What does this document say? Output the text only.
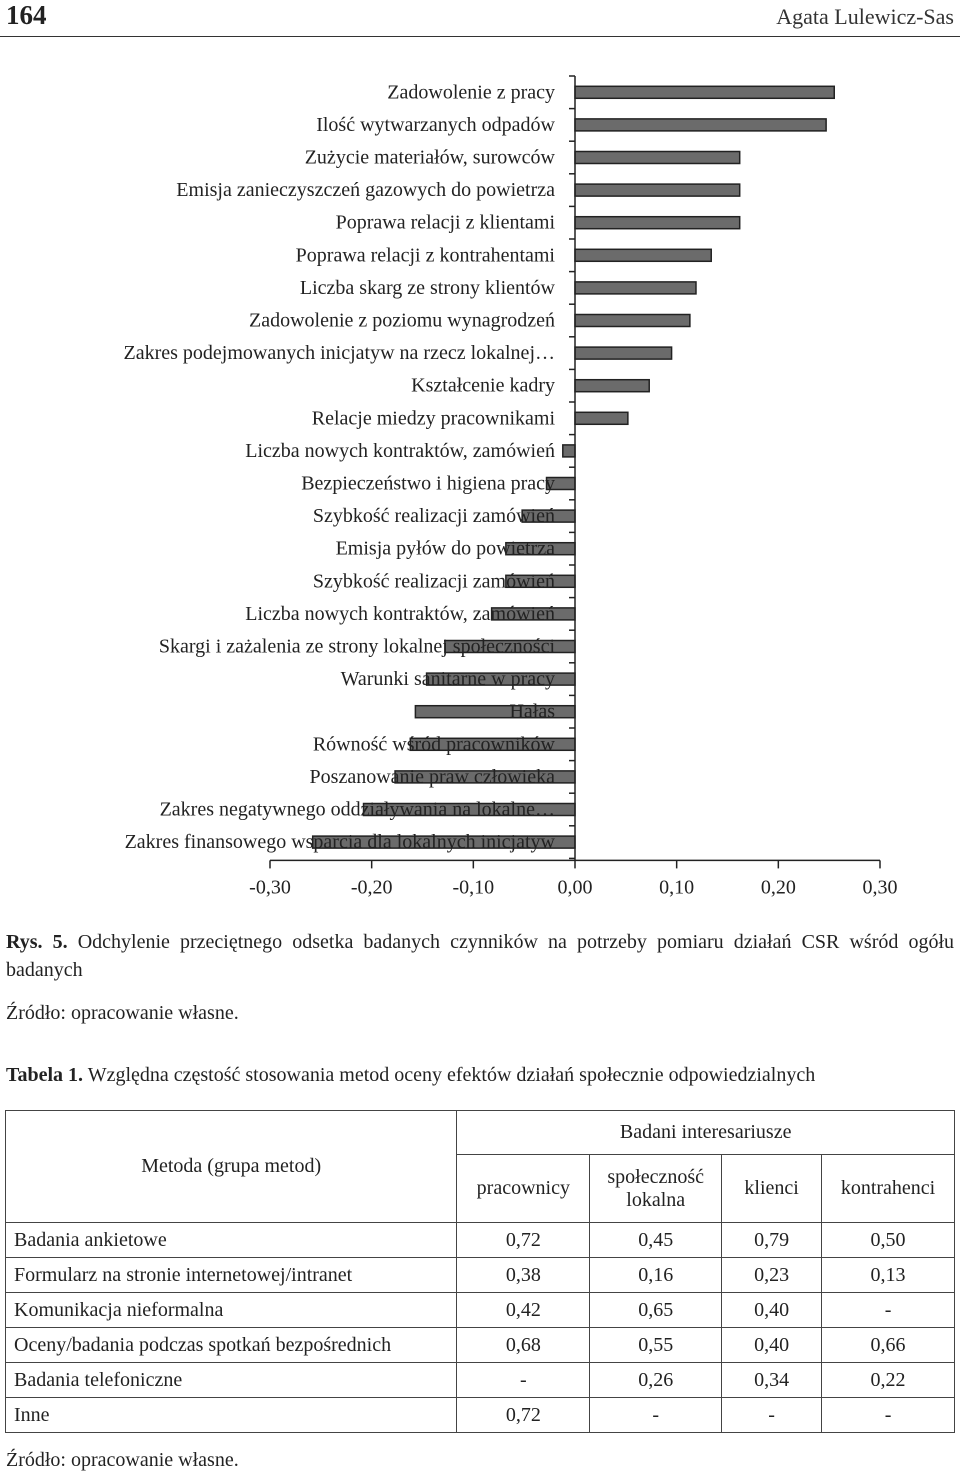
164	Agata Lulewicz-Sas
Zadowolenie z pracy
Ilość wytwarzanych odpadów
Zużycie materiałów, surowców
Emisja zanieczyszczeń gazowych do powietrza
Poprawa relacji z klientami
Poprawa relacji z kontrahentami
Liczba skarg ze strony klientów
Zadowolenie z poziomu wynagrodzeń
Zakres podejmowanych inicjatyw na rzecz lokalnej…
Kształcenie kadry
Relacje miedzy pracownikami
Liczba nowych kontraktów, zamówień
Bezpieczeństwo i higiena pracy
Szybkość realizacji zamówień
Emisja pyłów do powietrza
Szybkość realizacji zamówień
Liczba nowych kontraktów, zamówień
Skargi i zażalenia ze strony lokalnej społeczności
Warunki sanitarne w pracy
Hałas
Równość wśród pracowników
Poszanowanie praw człowieka
Zakres negatywnego oddziaływania na lokalne…
Zakres finansowego wsparcia dla lokalnych inicjatyw
-0,30	-0,20	-0,10	0,00	0,10	0,20	0,30
Rys. 5. Odchylenie przeciętnego odsetka badanych czynników na potrzeby pomiaru działań CSR wśród ogółu badanych
Źródło: opracowanie własne.
Tabela 1. Względna częstość stosowania metod oceny efektów działań społecznie odpowiedzialnych
Metoda (grupa metod)	Badani interesariusze			
	pracownicy	społeczność lokalna	klienci	kontrahenci
Badania ankietowe	0,72	0,45	0,79	0,50
Formularz na stronie internetowej/intranet	0,38	0,16	0,23	0,13
Komunikacja nieformalna	0,42	0,65	0,40	-
Oceny/badania podczas spotkań bezpośrednich	0,68	0,55	0,40	0,66
Badania telefoniczne	-	0,26	0,34	0,22
Inne	0,72	-	-	-
Źródło: opracowanie własne.
